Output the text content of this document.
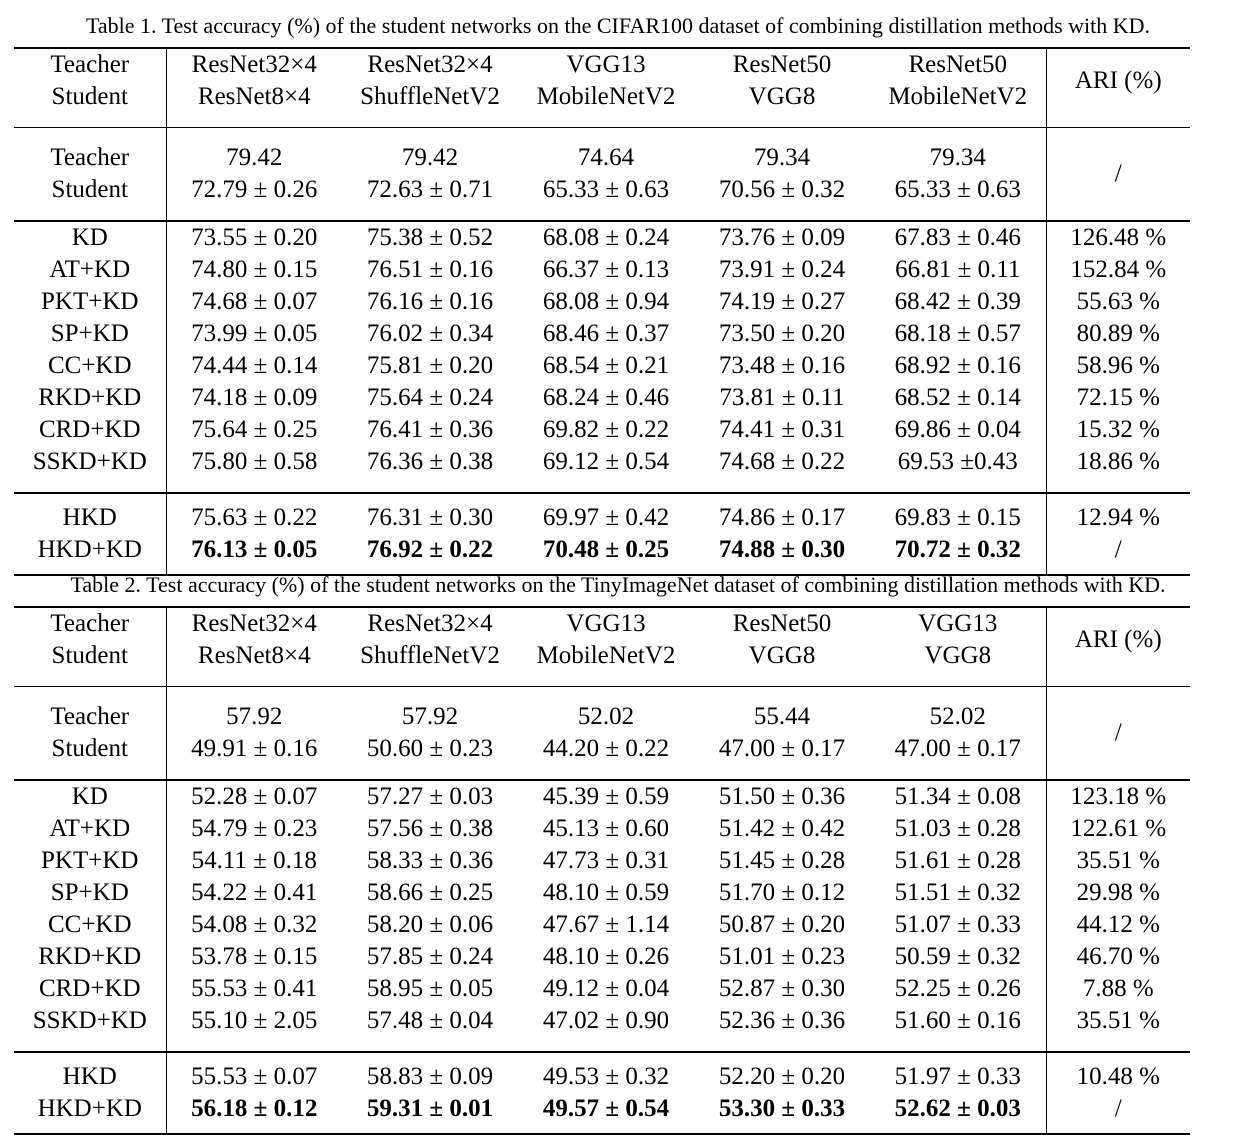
Table 1. Test accuracy (%) of the student networks on the CIFAR100 dataset of combining distillation methods with KD.

Teacher	ResNet32×4	ResNet32×4	VGG13	ResNet50	ResNet50	ARI (%)
Student	ResNet8×4	ShuffleNetV2	MobileNetV2	VGG8	MobileNetV2	

Teacher	79.42	79.42	74.64	79.34	79.34	/
Student	72.79 ± 0.26	72.63 ± 0.71	65.33 ± 0.63	70.56 ± 0.32	65.33 ± 0.63	

KD	73.55 ± 0.20	75.38 ± 0.52	68.08 ± 0.24	73.76 ± 0.09	67.83 ± 0.46	126.48 %
AT+KD	74.80 ± 0.15	76.51 ± 0.16	66.37 ± 0.13	73.91 ± 0.24	66.81 ± 0.11	152.84 %
PKT+KD	74.68 ± 0.07	76.16 ± 0.16	68.08 ± 0.94	74.19 ± 0.27	68.42 ± 0.39	55.63 %
SP+KD	73.99 ± 0.05	76.02 ± 0.34	68.46 ± 0.37	73.50 ± 0.20	68.18 ± 0.57	80.89 %
CC+KD	74.44 ± 0.14	75.81 ± 0.20	68.54 ± 0.21	73.48 ± 0.16	68.92 ± 0.16	58.96 %
RKD+KD	74.18 ± 0.09	75.64 ± 0.24	68.24 ± 0.46	73.81 ± 0.11	68.52 ± 0.14	72.15 %
CRD+KD	75.64 ± 0.25	76.41 ± 0.36	69.82 ± 0.22	74.41 ± 0.31	69.86 ± 0.04	15.32 %
SSKD+KD	75.80 ± 0.58	76.36 ± 0.38	69.12 ± 0.54	74.68 ± 0.22	69.53 ±0.43	18.86 %

HKD	75.63 ± 0.22	76.31 ± 0.30	69.97 ± 0.42	74.86 ± 0.17	69.83 ± 0.15	12.94 %
HKD+KD	76.13 ± 0.05	76.92 ± 0.22	70.48 ± 0.25	74.88 ± 0.30	70.72 ± 0.32	/

Table 2. Test accuracy (%) of the student networks on the TinyImageNet dataset of combining distillation methods with KD.

Teacher	ResNet32×4	ResNet32×4	VGG13	ResNet50	VGG13	ARI (%)
Student	ResNet8×4	ShuffleNetV2	MobileNetV2	VGG8	VGG8	

Teacher	57.92	57.92	52.02	55.44	52.02	/
Student	49.91 ± 0.16	50.60 ± 0.23	44.20 ± 0.22	47.00 ± 0.17	47.00 ± 0.17	

KD	52.28 ± 0.07	57.27 ± 0.03	45.39 ± 0.59	51.50 ± 0.36	51.34 ± 0.08	123.18 %
AT+KD	54.79 ± 0.23	57.56 ± 0.38	45.13 ± 0.60	51.42 ± 0.42	51.03 ± 0.28	122.61 %
PKT+KD	54.11 ± 0.18	58.33 ± 0.36	47.73 ± 0.31	51.45 ± 0.28	51.61 ± 0.28	35.51 %
SP+KD	54.22 ± 0.41	58.66 ± 0.25	48.10 ± 0.59	51.70 ± 0.12	51.51 ± 0.32	29.98 %
CC+KD	54.08 ± 0.32	58.20 ± 0.06	47.67 ± 1.14	50.87 ± 0.20	51.07 ± 0.33	44.12 %
RKD+KD	53.78 ± 0.15	57.85 ± 0.24	48.10 ± 0.26	51.01 ± 0.23	50.59 ± 0.32	46.70 %
CRD+KD	55.53 ± 0.41	58.95 ± 0.05	49.12 ± 0.04	52.87 ± 0.30	52.25 ± 0.26	7.88 %
SSKD+KD	55.10 ± 2.05	57.48 ± 0.04	47.02 ± 0.90	52.36 ± 0.36	51.60 ± 0.16	35.51 %

HKD	55.53 ± 0.07	58.83 ± 0.09	49.53 ± 0.32	52.20 ± 0.20	51.97 ± 0.33	10.48 %
HKD+KD	56.18 ± 0.12	59.31 ± 0.01	49.57 ± 0.54	53.30 ± 0.33	52.62 ± 0.03	/
